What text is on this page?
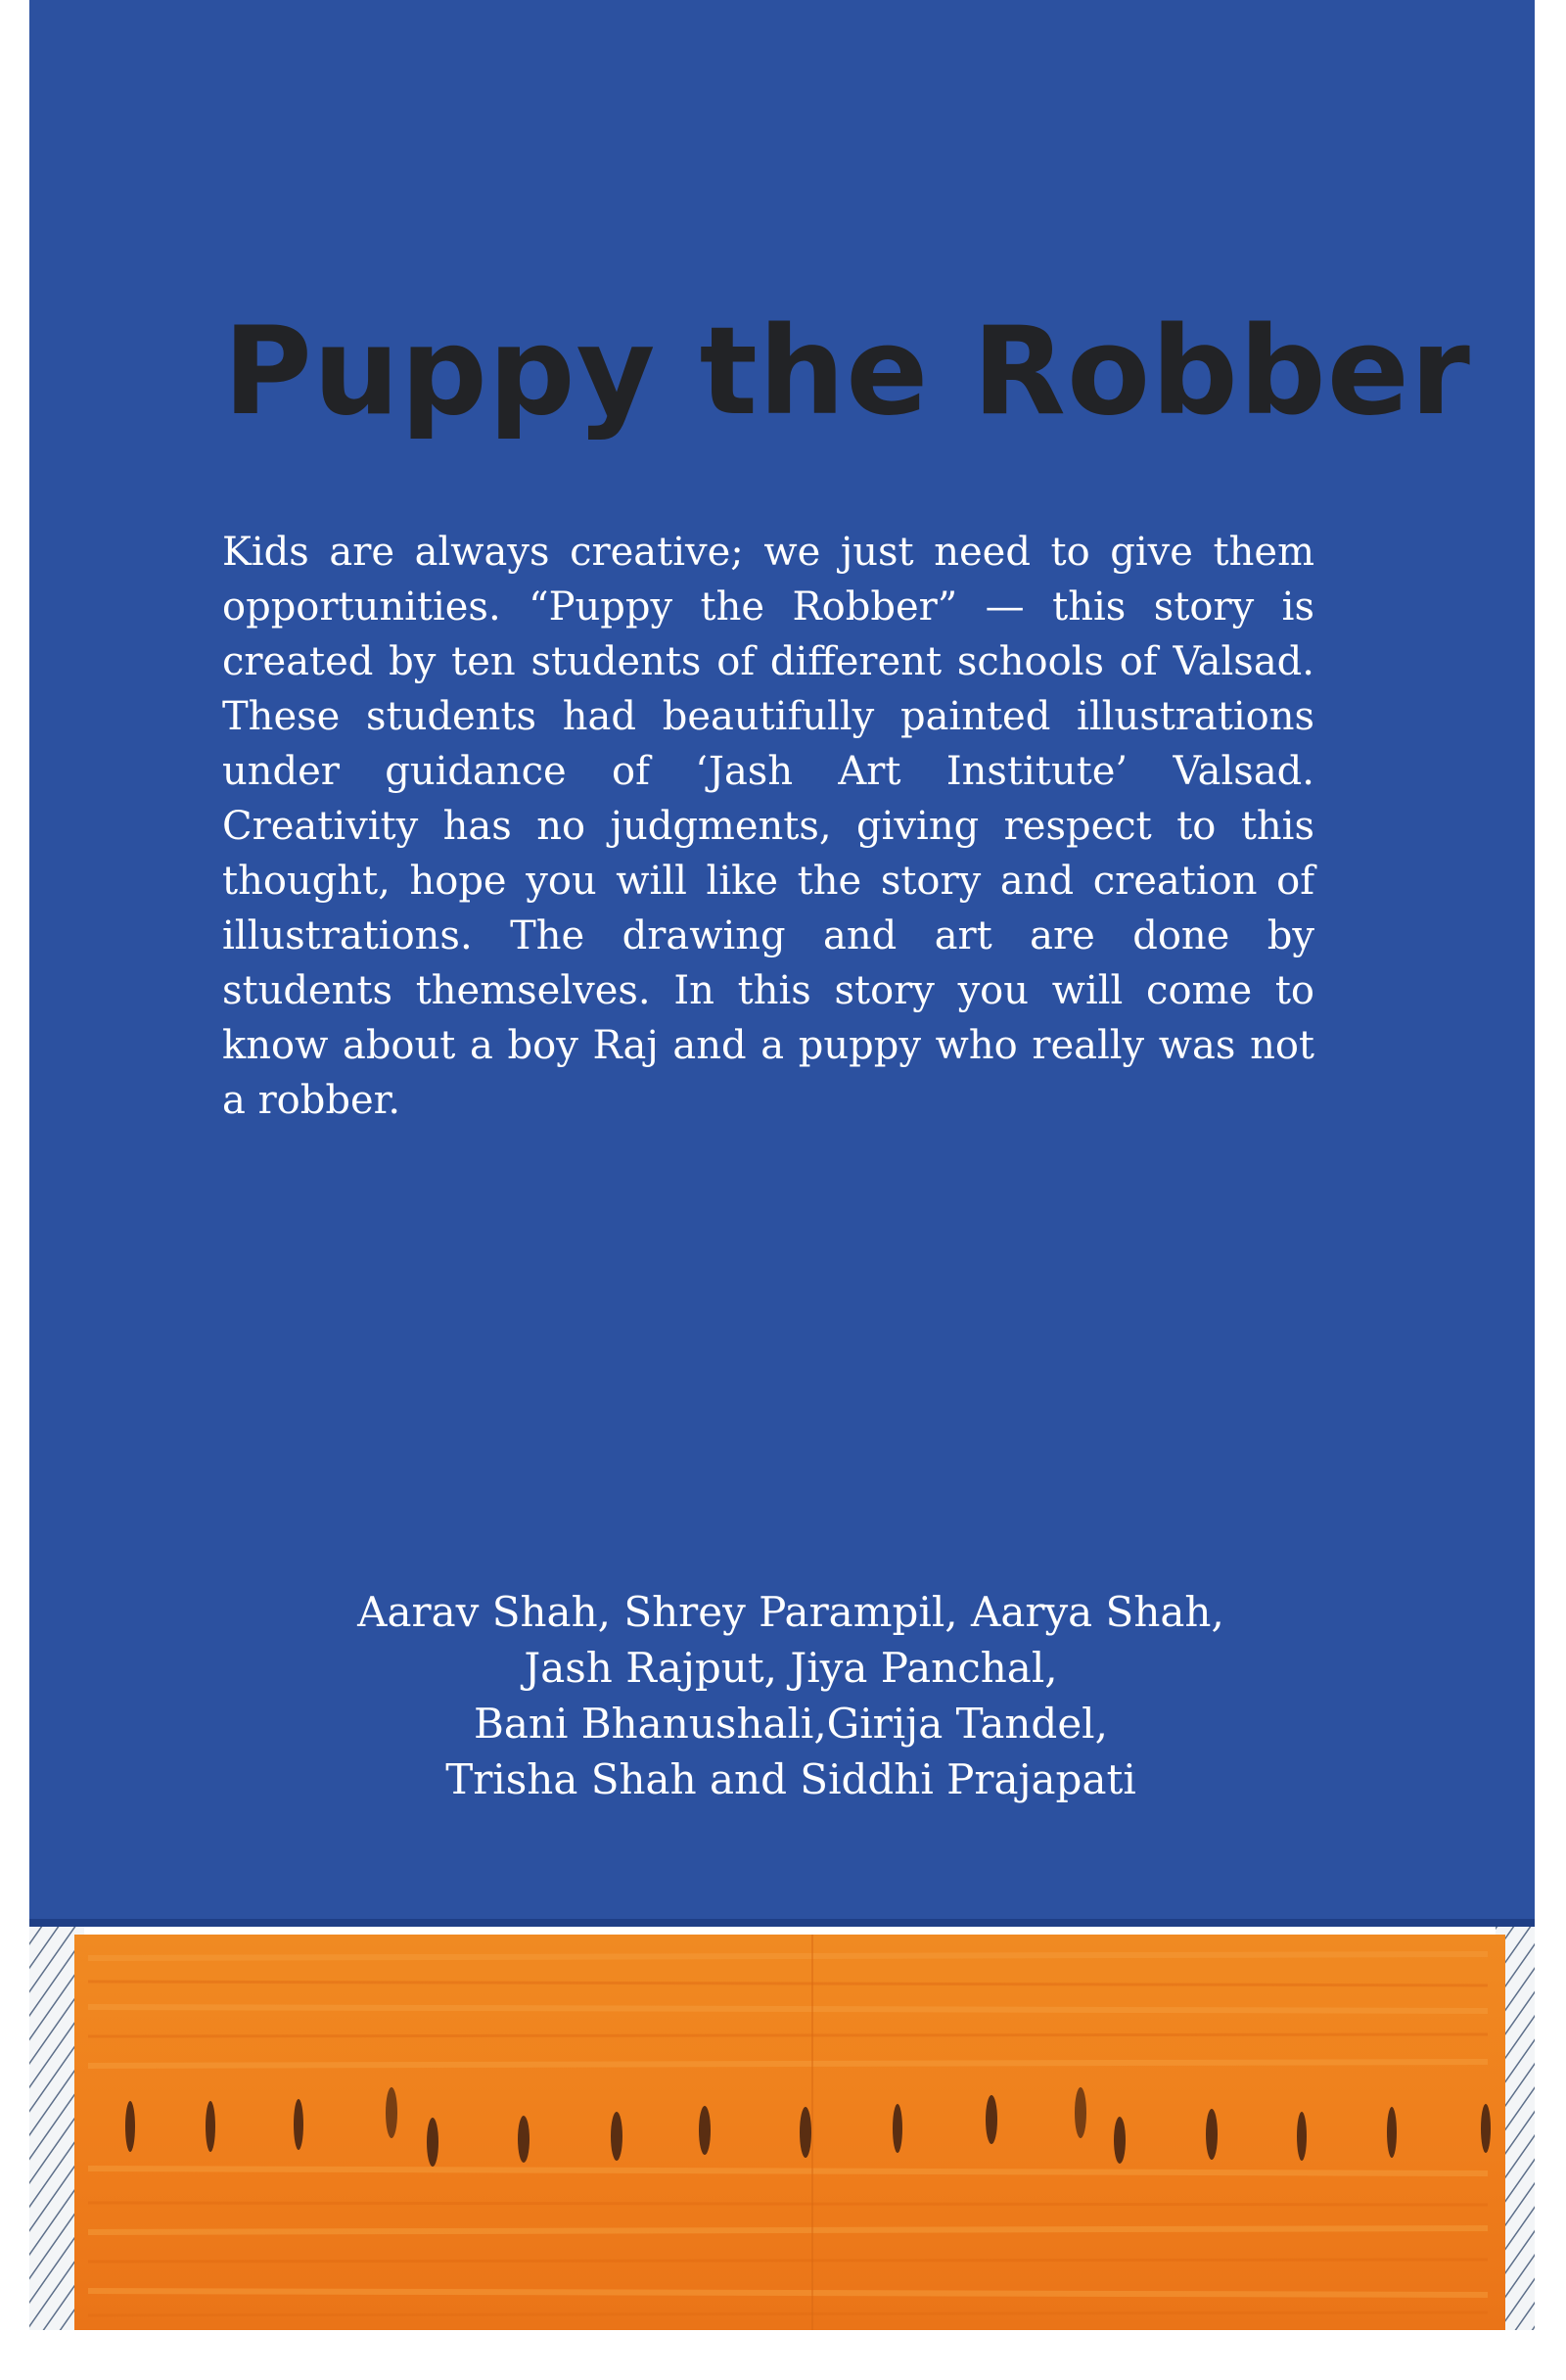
Puppy the Robber

Kids are always creative; we just need to give them opportunities. “Puppy the Robber” — this story is created by ten students of different schools of Valsad. These students had beautifully painted illustrations under guidance of ‘Jash Art Institute’ Valsad. Creativity has no judgments, giving respect to this thought, hope you will like the story and creation of illustrations. The drawing and art are done by students themselves. In this story you will come to know about a boy Raj and a puppy who really was not a robber.

Aarav Shah, Shrey Parampil, Aarya Shah,
Jash Rajput, Jiya Panchal,
Bani Bhanushali,Girija Tandel,
Trisha Shah and Siddhi Prajapati
